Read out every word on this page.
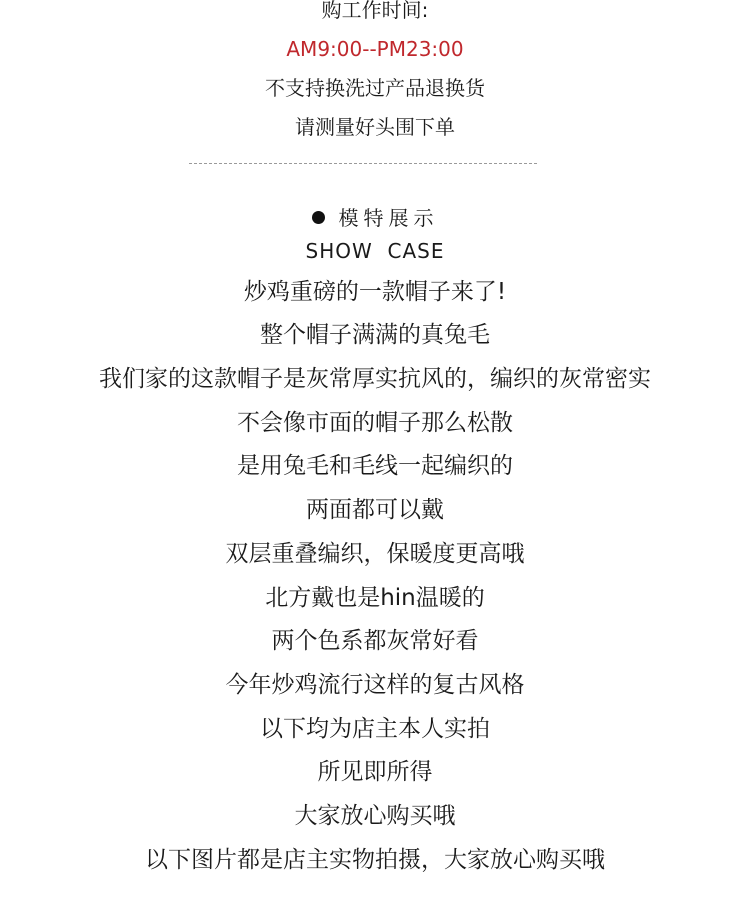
购工作时间:
AM9:00--PM23:00
不支持换洗过产品退换货
请测量好头围下单
模特展示
SHOW  CASE
炒鸡重磅的一款帽子来了!
整个帽子满满的真兔毛
我们家的这款帽子是灰常厚实抗风的，编织的灰常密实
不会像市面的帽子那么松散
是用兔毛和毛线一起编织的
两面都可以戴
双层重叠编织，保暖度更高哦
北方戴也是hin温暖的
两个色系都灰常好看
今年炒鸡流行这样的复古风格
以下均为店主本人实拍
所见即所得
大家放心购买哦
以下图片都是店主实物拍摄，大家放心购买哦
